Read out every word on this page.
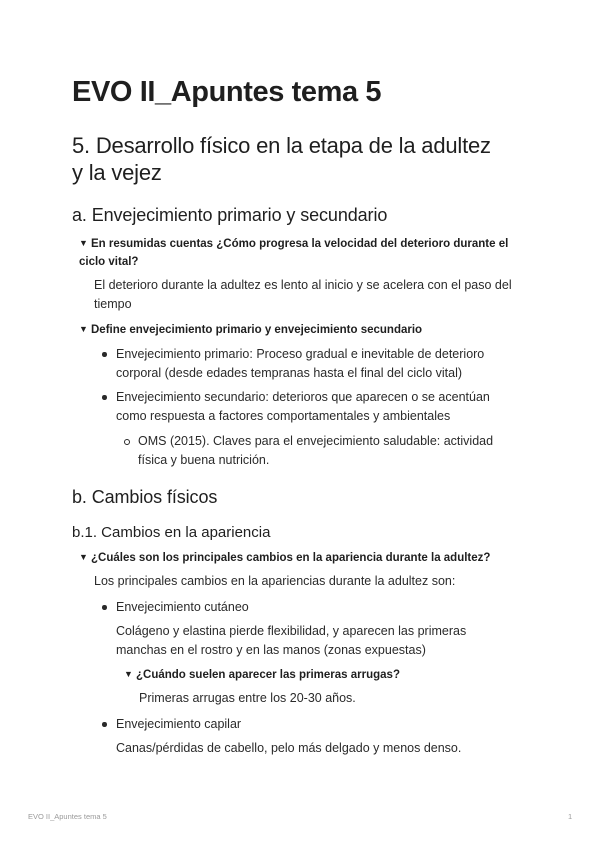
EVO II_Apuntes tema 5
5. Desarrollo físico en la etapa de la adultez y la vejez
a. Envejecimiento primario y secundario
▼ En resumidas cuentas ¿Cómo progresa la velocidad del deterioro durante el ciclo vital?
El deterioro durante la adultez es lento al inicio y se acelera con el paso del tiempo
▼ Define envejecimiento primario y envejecimiento secundario
Envejecimiento primario: Proceso gradual e inevitable de deterioro corporal (desde edades tempranas hasta el final del ciclo vital)
Envejecimiento secundario: deterioros que aparecen o se acentúan como respuesta a factores comportamentales y ambientales
OMS (2015). Claves para el envejecimiento saludable: actividad física y buena nutrición.
b. Cambios físicos
b.1. Cambios en la apariencia
▼ ¿Cuáles son los principales cambios en la apariencia durante la adultez?
Los principales cambios en la apariencias durante la adultez son:
Envejecimiento cutáneo
Colágeno y elastina pierde flexibilidad, y aparecen las primeras manchas en el rostro y en las manos (zonas expuestas)
▼ ¿Cuándo suelen aparecer las primeras arrugas?
Primeras arrugas entre los 20-30 años.
Envejecimiento capilar
Canas/pérdidas de cabello, pelo más delgado y menos denso.
EVO II_Apuntes tema 5	1
